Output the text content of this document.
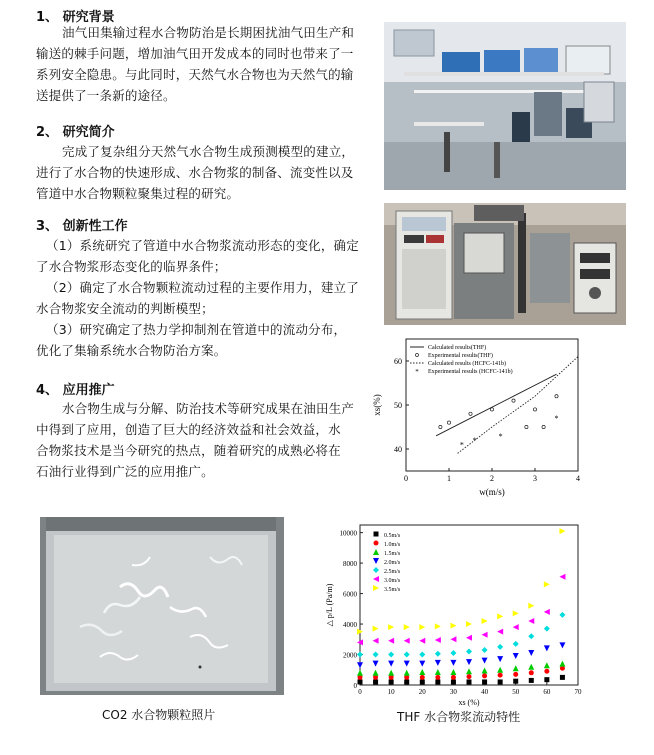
1、 研究背景
油气田集输过程水合物防治是长期困扰油气田生产和
输送的棘手问题，增加油气田开发成本的同时也带来了一
系列安全隐患。与此同时，天然气水合物也为天然气的输
送提供了一条新的途径。
2、 研究简介
完成了复杂组分天然气水合物生成预测模型的建立，
进行了水合物的快速形成、水合物浆的制备、流变性以及
管道中水合物颗粒聚集过程的研究。
3、 创新性工作
（1）系统研究了管道中水合物浆流动形态的变化，确定
了水合物浆形态变化的临界条件；
（2）确定了水合物颗粒流动过程的主要作用力，建立了
水合物浆安全流动的判断模型；
（3）研究确定了热力学抑制剂在管道中的流动分布，
优化了集输系统水合物防治方案。
4、 应用推广
水合物生成与分解、防治技术等研究成果在油田生产
中得到了应用，创造了巨大的经济效益和社会效益，水
合物浆技术是当今研究的热点，随着研究的成熟必将在
石油行业得到广泛的应用推广。	0	1	2	3	4
40
50
60
w(m/s)
xs(%)
Calculated results(THF)
Experimental results(THF)
Calculated results (HCFC-141b)
* Experimental results (HCFC-141b)
* *	*
*
CO2 水合物颗粒照片
0	10	20	30	40	50	60	70
0
2000
4000
6000
8000
10000
xs (%)
△ p/L (Pa/m)
0.5m/s
1.0m/s
1.5m/s
2.0m/s
2.5m/s
3.0m/s
3.5m/s
THF 水合物浆流动特性
